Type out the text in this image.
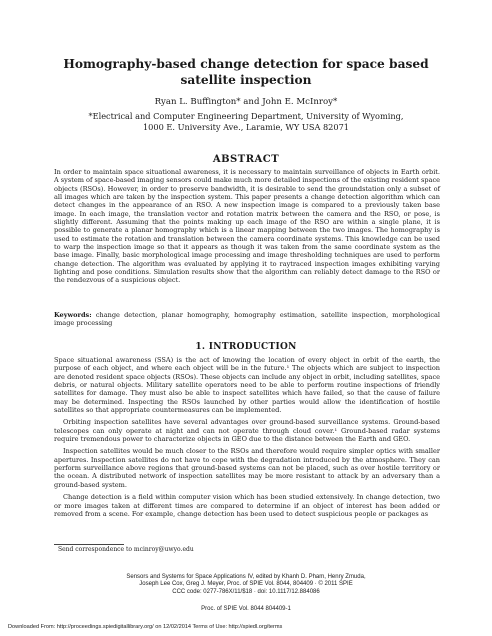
Homography-based change detection for space based satellite inspection
Ryan L. Buffington* and John E. McInroy*
*Electrical and Computer Engineering Department, University of Wyoming,
1000 E. University Ave., Laramie, WY USA 82071
ABSTRACT
In order to maintain space situational awareness, it is necessary to maintain surveillance of objects in Earth orbit. A system of space-based imaging sensors could make much more detailed inspections of the existing resident space objects (RSOs). However, in order to preserve bandwidth, it is desirable to send the groundstation only a subset of all images which are taken by the inspection system. This paper presents a change detection algorithm which can detect changes in the appearance of an RSO. A new inspection image is compared to a previously taken base image. In each image, the translation vector and rotation matrix between the camera and the RSO, or pose, is slightly different. Assuming that the points making up each image of the RSO are within a single plane, it is possible to generate a planar homography which is a linear mapping between the two images. The homography is used to estimate the rotation and translation between the camera coordinate systems. This knowledge can be used to warp the inspection image so that it appears as though it was taken from the same coordinate system as the base image. Finally, basic morphological image processing and image thresholding techniques are used to perform change detection. The algorithm was evaluated by applying it to raytraced inspection images exhibiting varying lighting and pose conditions. Simulation results show that the algorithm can reliably detect damage to the RSO or the rendezvous of a suspicious object.
Keywords: change detection, planar homography, homography estimation, satellite inspection, morphological image processing
1. INTRODUCTION

Space situational awareness (SSA) is the act of knowing the location of every object in orbit of the earth, the purpose of each object, and where each object will be in the future.¹ The objects which are subject to inspection are denoted resident space objects (RSOs). These objects can include any object in orbit, including satellites, space debris, or natural objects. Military satellite operators need to be able to perform routine inspections of friendly satellites for damage. They must also be able to inspect satellites which have failed, so that the cause of failure may be determined. Inspecting the RSOs launched by other parties would allow the identification of hostile satellites so that appropriate countermeasures can be implemented.

Orbiting inspection satellites have several advantages over ground-based surveillance systems. Ground-based telescopes can only operate at night and can not operate through cloud cover.¹ Ground-based radar systems require tremendous power to characterize objects in GEO due to the distance between the Earth and GEO.

Inspection satellites would be much closer to the RSOs and therefore would require simpler optics with smaller apertures. Inspection satellites do not have to cope with the degradation introduced by the atmosphere. They can perform surveillance above regions that ground-based systems can not be placed, such as over hostile territory or the ocean. A distributed network of inspection satellites may be more resistant to attack by an adversary than a ground-based system.

Change detection is a field within computer vision which has been studied extensively. In change detection, two or more images taken at different times are compared to determine if an object of interest has been added or removed from a scene. For example, change detection has been used to detect suspicious people or packages as

Send correspondence to mcinroy@uwyo.edu
Sensors and Systems for Space Applications IV, edited by Khanh D. Pham, Henry Zmuda,
Joseph Lee Cox, Greg J. Meyer, Proc. of SPIE Vol. 8044, 804409 · © 2011 SPIE
CCC code: 0277-786X/11/$18 · doi: 10.1117/12.884086
Proc. of SPIE Vol. 8044 804409-1
Downloaded From: http://proceedings.spiedigitallibrary.org/ on 12/02/2014 Terms of Use: http://spiedl.org/terms
